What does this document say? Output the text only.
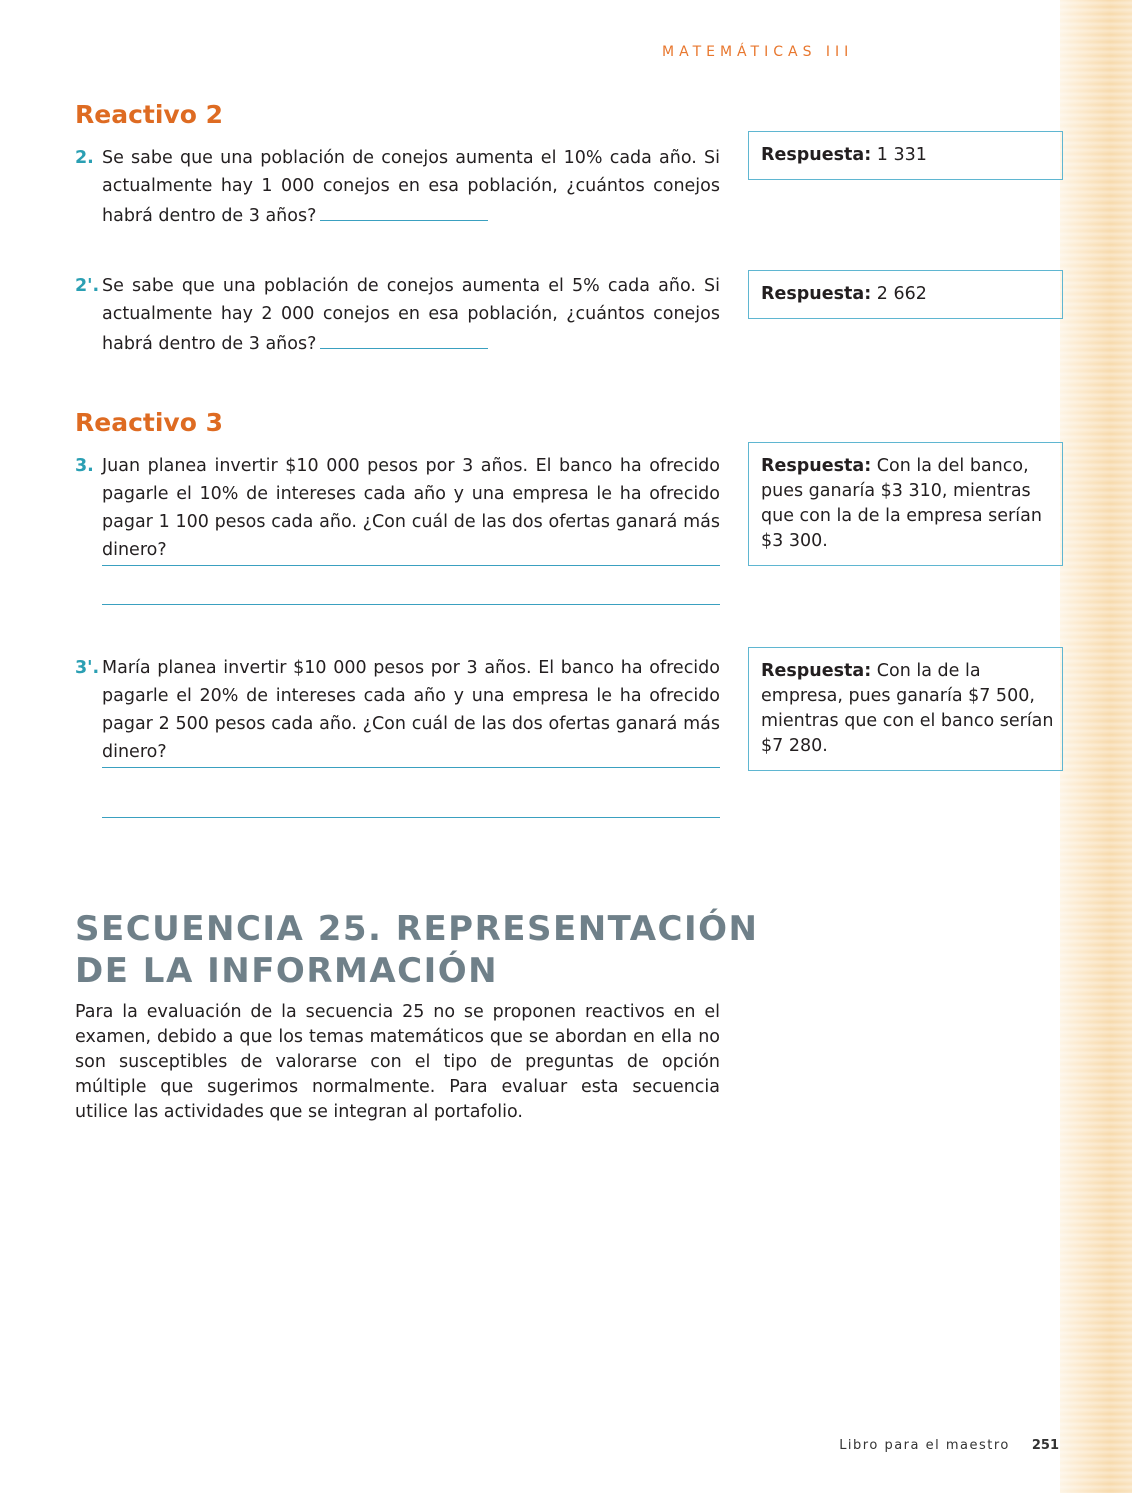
MATEMÁTICAS III
Reactivo 2
2. Se sabe que una población de conejos aumenta el 10% cada año. Si actualmente hay 1 000 conejos en esa población, ¿cuántos conejos habrá dentro de 3 años?
Respuesta: 1 331
2'. Se sabe que una población de conejos aumenta el 5% cada año. Si actualmente hay 2 000 conejos en esa población, ¿cuántos conejos habrá dentro de 3 años?
Respuesta: 2 662
Reactivo 3
3. Juan planea invertir $10 000 pesos por 3 años. El banco ha ofrecido pagarle el 10% de intereses cada año y una empresa le ha ofrecido pagar 1 100 pesos cada año. ¿Con cuál de las dos ofertas ganará más dinero?
Respuesta: Con la del banco, pues ganaría $3 310, mientras que con la de la empresa serían $3 300.
3'. María planea invertir $10 000 pesos por 3 años. El banco ha ofrecido pagarle el 20% de intereses cada año y una empresa le ha ofrecido pagar 2 500 pesos cada año. ¿Con cuál de las dos ofertas ganará más dinero?
Respuesta: Con la de la empresa, pues ganaría $7 500, mientras que con el banco serían $7 280.
SECUENCIA 25. REPRESENTACIÓN
DE LA INFORMACIÓN

Para la evaluación de la secuencia 25 no se proponen reactivos en el examen, debido a que los temas matemáticos que se abordan en ella no son susceptibles de valorarse con el tipo de preguntas de opción múltiple que sugerimos normalmente. Para evaluar esta secuencia utilice las actividades que se integran al portafolio.

Libro para el maestro 251
